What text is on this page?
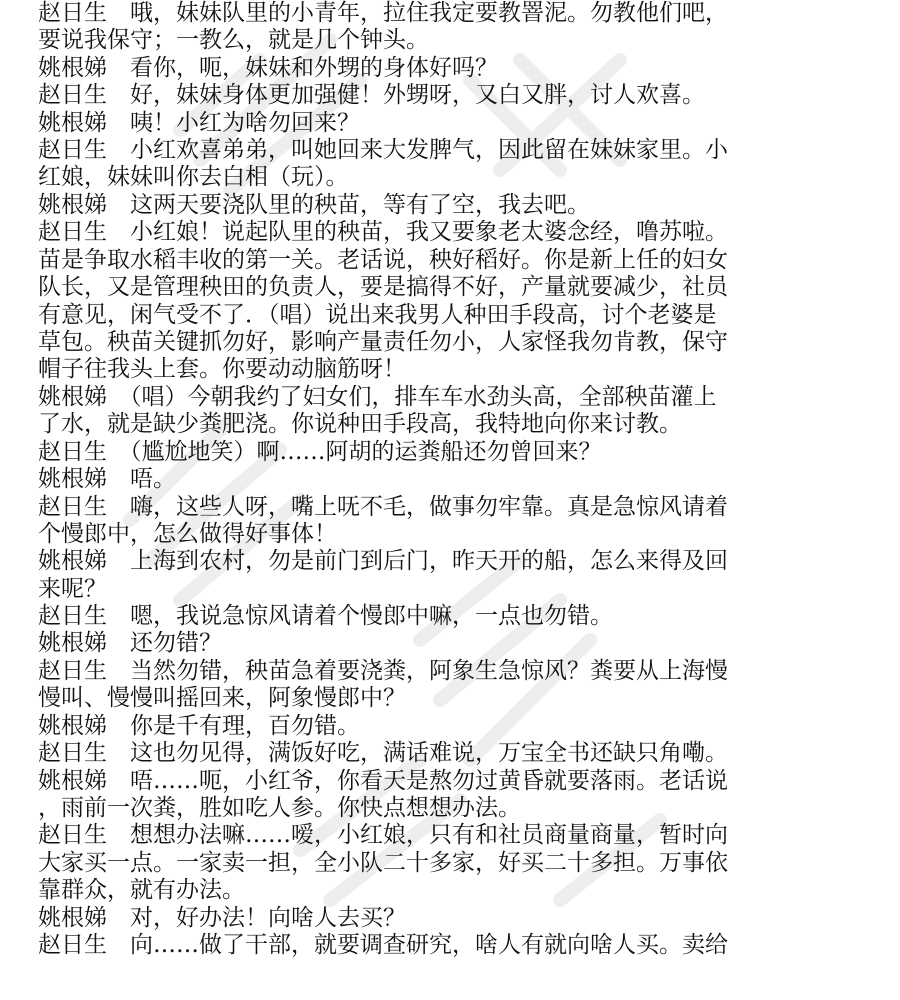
赵日生　哦，妹妹队里的小青年，拉住我定要教罯泥。勿教他们吧，
要说我保守；一教么，就是几个钟头。
姚根娣　看你，呃，妹妹和外甥的身体好吗？
赵日生　好，妹妹身体更加强健！外甥呀，又白又胖，讨人欢喜。
姚根娣　咦！小红为啥勿回来？
赵日生　小红欢喜弟弟，叫她回来大发脾气，因此留在妹妹家里。小
红娘，妹妹叫你去白相（玩）。
姚根娣　这两天要浇队里的秧苗，等有了空，我去吧。
赵日生　小红娘！说起队里的秧苗，我又要象老太婆念经，噜苏啦。
苗是争取水稻丰收的第一关。老话说，秧好稻好。你是新上任的妇女
队长，又是管理秧田的负责人，要是搞得不好，产量就要减少，社员
有意见，闲气受不了．（唱）说出来我男人种田手段高，讨个老婆是
草包。秧苗关键抓勿好，影响产量责任勿小，人家怪我勿肯教，保守
帽子往我头上套。你要动动脑筋呀！
姚根娣　（唱）今朝我约了妇女们，排车车水劲头高，全部秧苗灌上
了水，就是缺少粪肥浇。你说种田手段高，我特地向你来讨教。
赵日生　（尴尬地笑）啊……阿胡的运粪船还勿曾回来？
姚根娣　唔。
赵日生　嗨，这些人呀，嘴上呒不毛，做事勿牢靠。真是急惊风请着
个慢郎中，怎么做得好事体！
姚根娣　上海到农村，勿是前门到后门，昨天开的船，怎么来得及回
来呢？
赵日生　嗯，我说急惊风请着个慢郎中嘛，一点也勿错。
姚根娣　还勿错？
赵日生　当然勿错，秧苗急着要浇粪，阿象生急惊风？粪要从上海慢
慢叫、慢慢叫摇回来，阿象慢郎中？
姚根娣　你是千有理，百勿错。
赵日生　这也勿见得，满饭好吃，满话难说，万宝全书还缺只角嘞。
姚根娣　唔……呃，小红爷，你看天是熬勿过黄昏就要落雨。老话说
，雨前一次粪，胜如吃人参。你快点想想办法。
赵日生　想想办法嘛……嗳，小红娘，只有和社员商量商量，暂时向
大家买一点。一家卖一担，全小队二十多家，好买二十多担。万事依
靠群众，就有办法。
姚根娣　对，好办法！向啥人去买？
赵日生　向……做了干部，就要调查研究，啥人有就向啥人买。卖给
